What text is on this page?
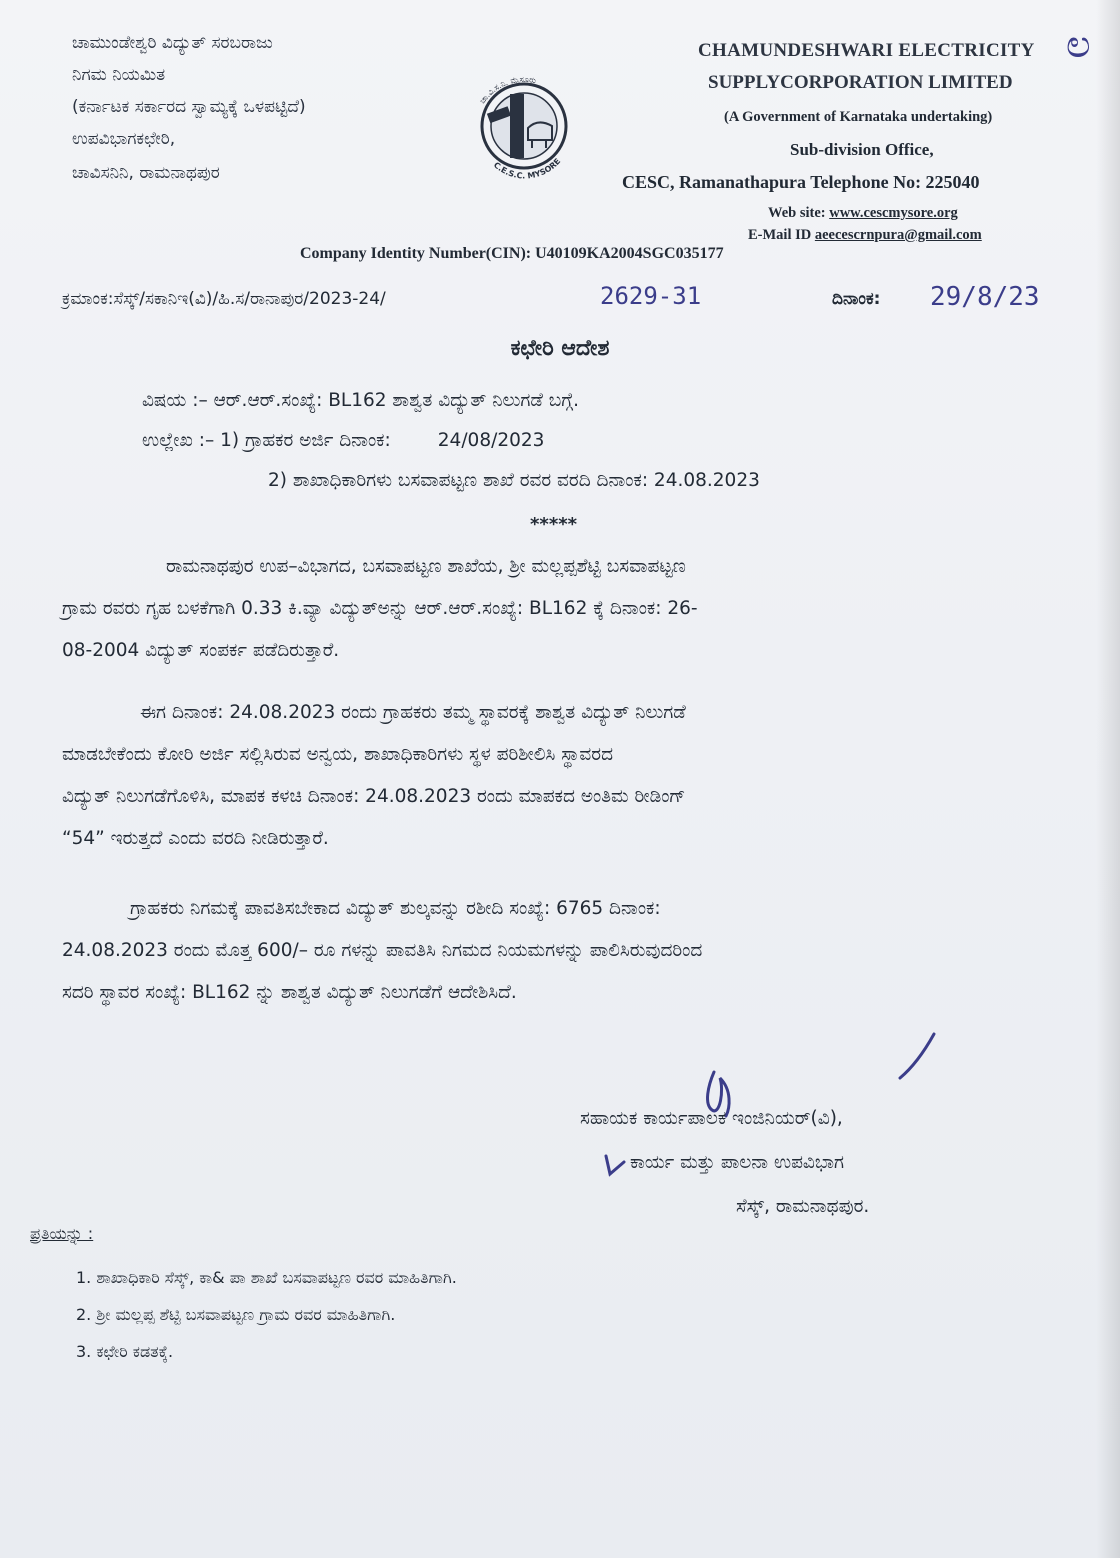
ಚಾಮುಂಡೇಶ್ವರಿ ವಿದ್ಯುತ್ ಸರಬರಾಜು
ನಿಗಮ ನಿಯಮಿತ
(ಕರ್ನಾಟಕ ಸರ್ಕಾರದ ಸ್ವಾಮ್ಯಕ್ಕೆ ಒಳಪಟ್ಟಿದೆ)
ಉಪವಿಭಾಗಕಛೇರಿ,
ಚಾವಿಸನಿನಿ, ರಾಮನಾಥಪುರ
ಚಾ.ವಿ.ಸ.ನಿ. ಮೈಸೂರು
C.E.S.C. MYSORE
CHAMUNDESHWARI ELECTRICITY ಲ
SUPPLYCORPORATION LIMITED
(A Government of Karnataka undertaking)
Sub-division Office,
CESC, Ramanathapura Telephone No: 225040
Web site: www.cescmysore.org
E-Mail ID aeecescrnpura@gmail.com
Company Identity Number(CIN): U40109KA2004SGC035177
ಕ್ರಮಾಂಕ:ಸೆಸ್ಕ್/ಸಕಾನಿಇ(ವಿ)/ಹಿ.ಸ/ರಾನಾಪುರ/2023-24/	2629-31	ದಿನಾಂಕ: 29/8/23
ಕಛೇರಿ ಆದೇಶ
ವಿಷಯ :– ಆರ್.ಆರ್.ಸಂಖ್ಯೆ: BL162 ಶಾಶ್ವತ ವಿದ್ಯುತ್ ನಿಲುಗಡೆ ಬಗ್ಗೆ.
ಉಲ್ಲೇಖ :– 1) ಗ್ರಾಹಕರ ಅರ್ಜಿ ದಿನಾಂಕ:        24/08/2023
2) ಶಾಖಾಧಿಕಾರಿಗಳು ಬಸವಾಪಟ್ಟಣ ಶಾಖೆ ರವರ ವರದಿ ದಿನಾಂಕ: 24.08.2023
*****
ರಾಮನಾಥಪುರ ಉಪ–ವಿಭಾಗದ, ಬಸವಾಪಟ್ಟಣ ಶಾಖೆಯ, ಶ್ರೀ ಮಲ್ಲಪ್ಪಶೆಟ್ಟಿ ಬಸವಾಪಟ್ಟಣ
ಗ್ರಾಮ ರವರು ಗೃಹ ಬಳಕೆಗಾಗಿ 0.33 ಕಿ.ವ್ಯಾ ವಿದ್ಯುತ್‌ಅನ್ನು ಆರ್.ಆರ್.ಸಂಖ್ಯೆ: BL162 ಕ್ಕೆ ದಿನಾಂಕ: 26-
08-2004 ವಿದ್ಯುತ್ ಸಂಪರ್ಕ ಪಡೆದಿರುತ್ತಾರೆ.
ಈಗ ದಿನಾಂಕ: 24.08.2023 ರಂದು ಗ್ರಾಹಕರು ತಮ್ಮ ಸ್ಥಾವರಕ್ಕೆ ಶಾಶ್ವತ ವಿದ್ಯುತ್ ನಿಲುಗಡೆ
ಮಾಡಬೇಕೆಂದು ಕೋರಿ ಅರ್ಜಿ ಸಲ್ಲಿಸಿರುವ ಅನ್ವಯ, ಶಾಖಾಧಿಕಾರಿಗಳು ಸ್ಥಳ ಪರಿಶೀಲಿಸಿ ಸ್ಥಾವರದ
ವಿದ್ಯುತ್ ನಿಲುಗಡೆಗೊಳಿಸಿ, ಮಾಪಕ ಕಳಚಿ ದಿನಾಂಕ: 24.08.2023 ರಂದು ಮಾಪಕದ ಅಂತಿಮ ರೀಡಿಂಗ್
“54” ಇರುತ್ತದೆ ಎಂದು ವರದಿ ನೀಡಿರುತ್ತಾರೆ.
ಗ್ರಾಹಕರು ನಿಗಮಕ್ಕೆ ಪಾವತಿಸಬೇಕಾದ ವಿದ್ಯುತ್ ಶುಲ್ಕವನ್ನು ರಶೀದಿ ಸಂಖ್ಯೆ: 6765 ದಿನಾಂಕ:
24.08.2023 ರಂದು ಮೊತ್ತ 600/– ರೂ ಗಳನ್ನು ಪಾವತಿಸಿ ನಿಗಮದ ನಿಯಮಗಳನ್ನು ಪಾಲಿಸಿರುವುದರಿಂದ
ಸದರಿ ಸ್ಥಾವರ ಸಂಖ್ಯೆ: BL162 ನ್ನು ಶಾಶ್ವತ ವಿದ್ಯುತ್ ನಿಲುಗಡೆಗೆ ಆದೇಶಿಸಿದೆ.
ಸಹಾಯಕ ಕಾರ್ಯಪಾಲಕ ಇಂಜಿನಿಯರ್(ವಿ),
ಕಾರ್ಯ ಮತ್ತು ಪಾಲನಾ ಉಪವಿಭಾಗ
ಸೆಸ್ಕ್, ರಾಮನಾಥಪುರ.
ಪ್ರತಿಯನ್ನು :
1. ಶಾಖಾಧಿಕಾರಿ ಸೆಸ್ಕ್, ಕಾ& ಪಾ ಶಾಖೆ ಬಸವಾಪಟ್ಟಣ ರವರ ಮಾಹಿತಿಗಾಗಿ.
2. ಶ್ರೀ ಮಲ್ಲಪ್ಪ ಶೆಟ್ಟಿ ಬಸವಾಪಟ್ಟಣ ಗ್ರಾಮ ರವರ ಮಾಹಿತಿಗಾಗಿ.
3. ಕಛೇರಿ ಕಡತಕ್ಕೆ.
